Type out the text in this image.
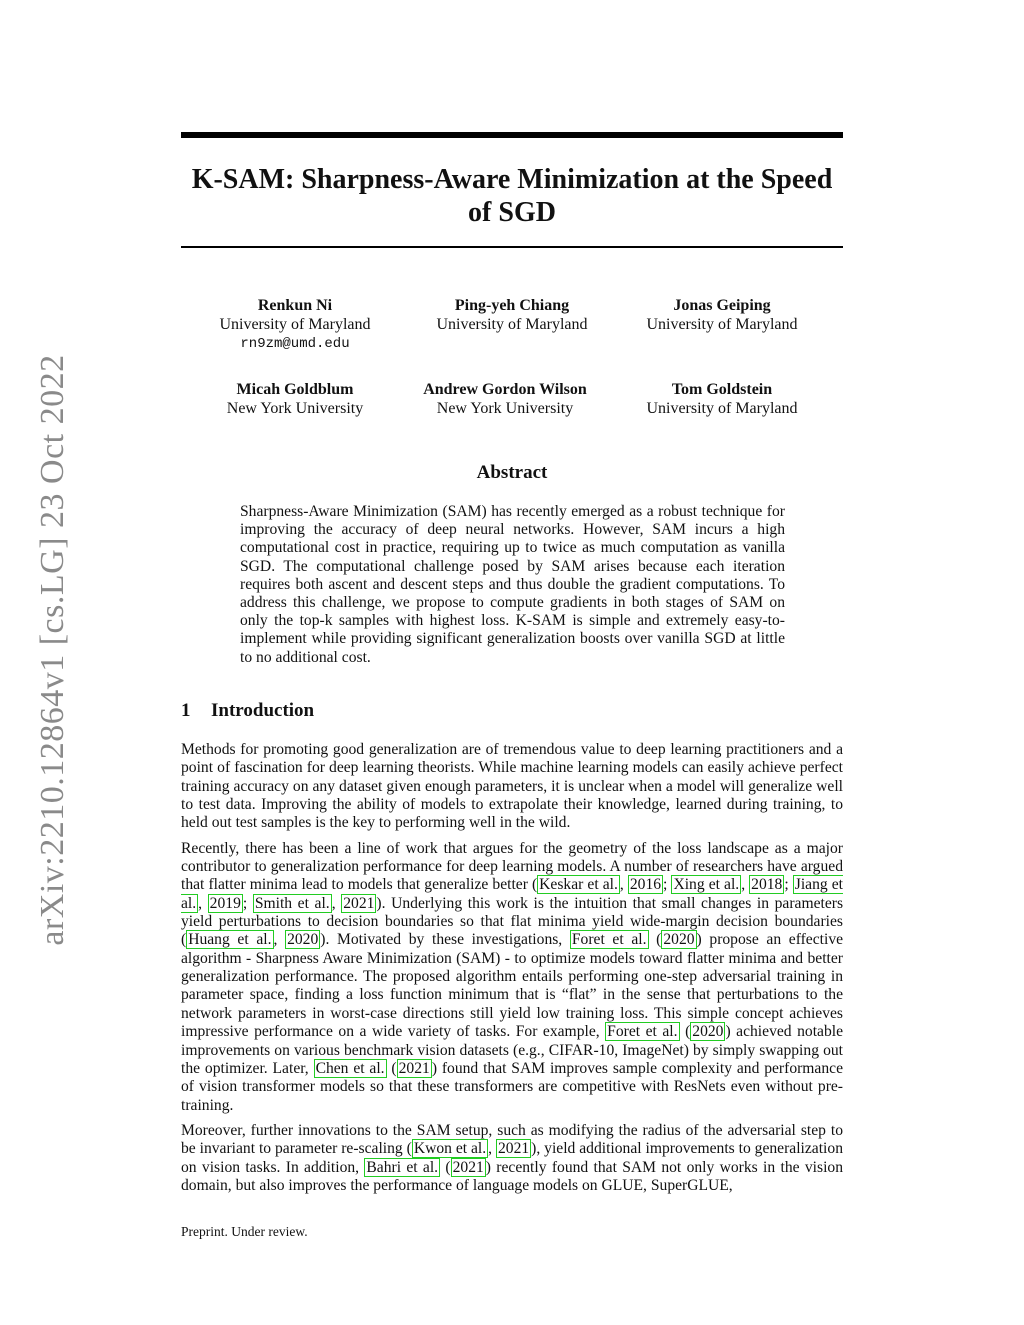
arXiv:2210.12864v1 [cs.LG] 23 Oct 2022
K-SAM: Sharpness-Aware Minimization at the Speed of SGD
Renkun Ni
University of Maryland
rn9zm@umd.edu
Ping-yeh Chiang
University of Maryland
Jonas Geiping
University of Maryland
Micah Goldblum
New York University
Andrew Gordon Wilson
New York University
Tom Goldstein
University of Maryland
Abstract
Sharpness-Aware Minimization (SAM) has recently emerged as a robust technique for improving the accuracy of deep neural networks. However, SAM incurs a high computational cost in practice, requiring up to twice as much computation as vanilla SGD. The computational challenge posed by SAM arises because each iteration requires both ascent and descent steps and thus double the gradient computations. To address this challenge, we propose to compute gradients in both stages of SAM on only the top-k samples with highest loss. K-SAM is simple and extremely easy-to-implement while providing significant generalization boosts over vanilla SGD at little to no additional cost.
1 Introduction

Methods for promoting good generalization are of tremendous value to deep learning practitioners and a point of fascination for deep learning theorists. While machine learning models can easily achieve perfect training accuracy on any dataset given enough parameters, it is unclear when a model will generalize well to test data. Improving the ability of models to extrapolate their knowledge, learned during training, to held out test samples is the key to performing well in the wild.

Recently, there has been a line of work that argues for the geometry of the loss landscape as a major contributor to generalization performance for deep learning models. A number of researchers have argued that flatter minima lead to models that generalize better ( Keskar et al. , 2016 ; Xing et al. , 2018 ; Jiang et al. , 2019 ; Smith et al. , 2021 ). Underlying this work is the intuition that small changes in parameters yield perturbations to decision boundaries so that flat minima yield wide-margin decision boundaries ( Huang et al. , 2020 ). Motivated by these investigations, Foret et al. ( 2020 ) propose an effective algorithm - Sharpness Aware Minimization (SAM) - to optimize models toward flatter minima and better generalization performance. The proposed algorithm entails performing one-step adversarial training in parameter space, finding a loss function minimum that is “flat” in the sense that perturbations to the network parameters in worst-case directions still yield low training loss. This simple concept achieves impressive performance on a wide variety of tasks. For example, Foret et al. ( 2020 ) achieved notable improvements on various benchmark vision datasets (e.g., CIFAR-10, ImageNet) by simply swapping out the optimizer. Later, Chen et al. ( 2021 ) found that SAM improves sample complexity and performance of vision transformer models so that these transformers are competitive with ResNets even without pre-training.

Moreover, further innovations to the SAM setup, such as modifying the radius of the adversarial step to be invariant to parameter re-scaling ( Kwon et al. , 2021 ), yield additional improvements to generalization on vision tasks. In addition, Bahri et al. ( 2021 ) recently found that SAM not only works in the vision domain, but also improves the performance of language models on GLUE, SuperGLUE,

Preprint. Under review.
